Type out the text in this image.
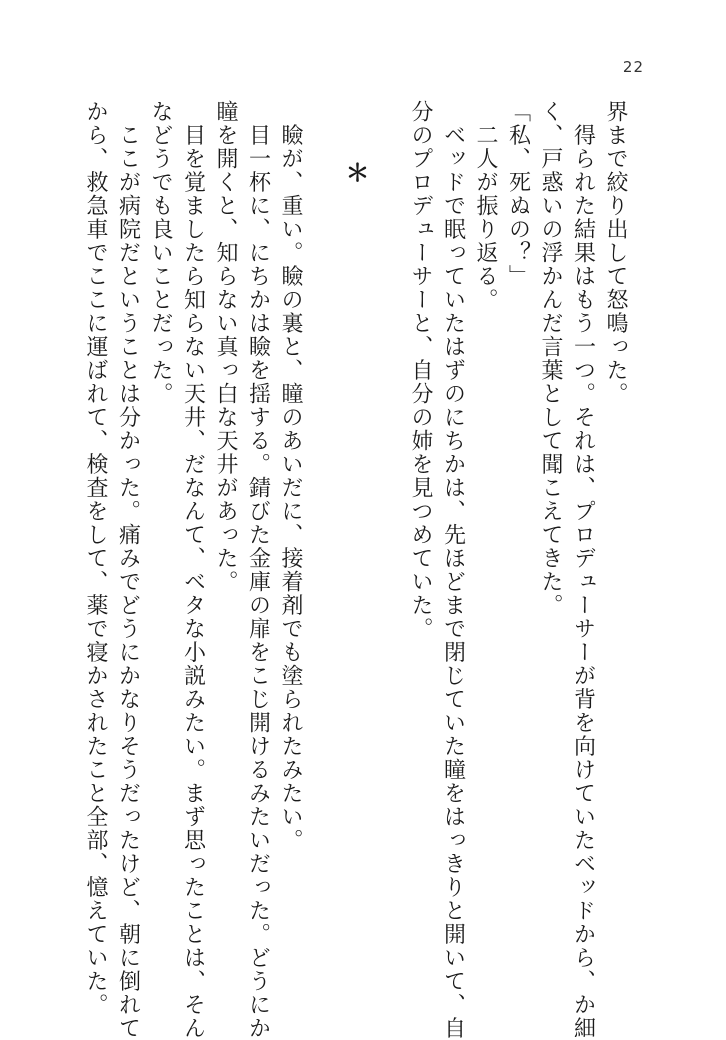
22
界まで絞り出して怒鳴った。
　得られた結果はもう一つ。それは、プロデューサーが背を向けていたベッドから、か細
く、戸惑いの浮かんだ言葉として聞こえてきた。
「私、死ぬの？」
　二人が振り返る。
　ベッドで眠っていたはずのにちかは、先ほどまで閉じていた瞳をはっきりと開いて、自
分のプロデューサーと、自分の姉を見つめていた。
＊
　瞼が、重い。瞼の裏と、瞳のあいだに、接着剤でも塗られたみたい。
　目一杯に、にちかは瞼を揺する。錆びた金庫の扉をこじ開けるみたいだった。どうにか
瞳を開くと、知らない真っ白な天井があった。
　目を覚ましたら知らない天井、だなんて、ベタな小説みたい。まず思ったことは、そん
などうでも良いことだった。
　ここが病院だということは分かった。痛みでどうにかなりそうだったけど、朝に倒れて
から、救急車でここに運ばれて、検査をして、薬で寝かされたこと全部、憶えていた。
